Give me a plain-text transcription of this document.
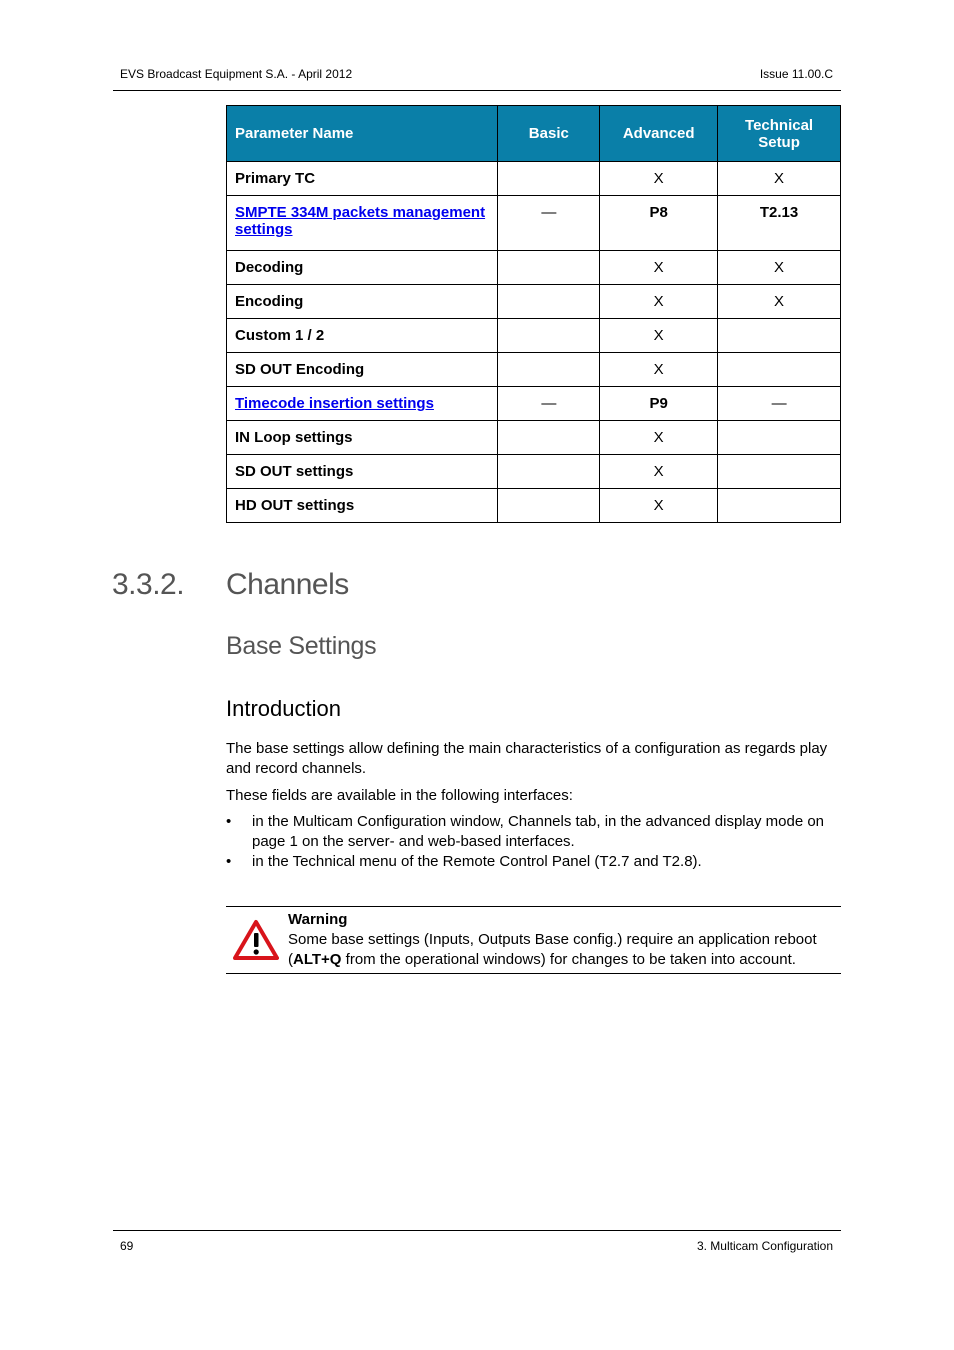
EVS Broadcast Equipment S.A. - April 2012	Issue 11.00.C
Parameter Name	Basic	Advanced	Technical Setup
Primary TC		X	X
SMPTE 334M packets management settings	—	P8	T2.13
Decoding		X	X
Encoding		X	X
Custom 1 / 2		X	
SD OUT Encoding		X	
Timecode insertion settings	—	P9	—
IN Loop settings		X	
SD OUT settings		X	
HD OUT settings		X	
3.3.2.	Channels
Base Settings
Introduction
The base settings allow defining the main characteristics of a configuration as regards play and record channels.
These fields are available in the following interfaces:
• in the Multicam Configuration window, Channels tab, in the advanced display mode on page 1 on the server- and web-based interfaces.
• in the Technical menu of the Remote Control Panel (T2.7 and T2.8).
Warning
Some base settings (Inputs, Outputs Base config.) require an application reboot (ALT+Q from the operational windows) for changes to be taken into account.
69	3. Multicam Configuration
